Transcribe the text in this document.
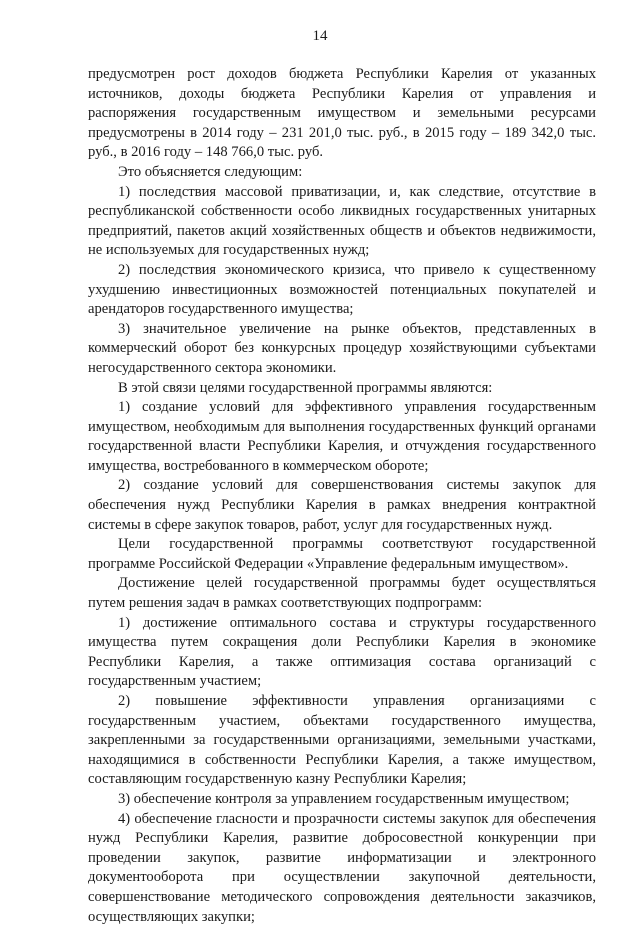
14

предусмотрен рост доходов бюджета Республики Карелия от указанных источников, доходы бюджета Республики Карелия от управления и распоряжения государственным имуществом и земельными ресурсами предусмотрены в 2014 году – 231 201,0 тыс. руб., в 2015 году – 189 342,0 тыс. руб., в 2016 году – 148 766,0 тыс. руб.

Это объясняется следующим:

1) последствия массовой приватизации, и, как следствие, отсутствие в республиканской собственности особо ликвидных государственных унитарных предприятий, пакетов акций хозяйственных обществ и объектов недвижимости, не используемых для государственных нужд;

2) последствия экономического кризиса, что привело к существенному ухудшению инвестиционных возможностей потенциальных покупателей и арендаторов государственного имущества;

3) значительное увеличение на рынке объектов, представленных в коммерческий оборот без конкурсных процедур хозяйствующими субъектами негосударственного сектора экономики.

В этой связи целями государственной программы являются:

1) создание условий для эффективного управления государственным имуществом, необходимым для выполнения государственных функций органами государственной власти Республики Карелия, и отчуждения государственного имущества, востребованного в коммерческом обороте;

2) создание условий для совершенствования системы закупок для обеспечения нужд Республики Карелия в рамках внедрения контрактной системы в сфере закупок товаров, работ, услуг для государственных нужд.

Цели государственной программы соответствуют государственной программе Российской Федерации «Управление федеральным имуществом».

Достижение целей государственной программы будет осуществляться путем решения задач в рамках соответствующих подпрограмм:

1) достижение оптимального состава и структуры государственного имущества путем сокращения доли Республики Карелия в экономике Республики Карелия, а также оптимизация состава организаций с государственным участием;

2) повышение эффективности управления организациями с государственным участием, объектами государственного имущества, закрепленными за государственными организациями, земельными участками, находящимися в собственности Республики Карелия, а также имуществом, составляющим государственную казну Республики Карелия;

3) обеспечение контроля за управлением государственным имуществом;

4) обеспечение гласности и прозрачности системы закупок для обеспечения нужд Республики Карелия, развитие добросовестной конкуренции при проведении закупок, развитие информатизации и электронного документооборота при осуществлении закупочной деятельности, совершенствование методического сопровождения деятельности заказчиков, осуществляющих закупки;
